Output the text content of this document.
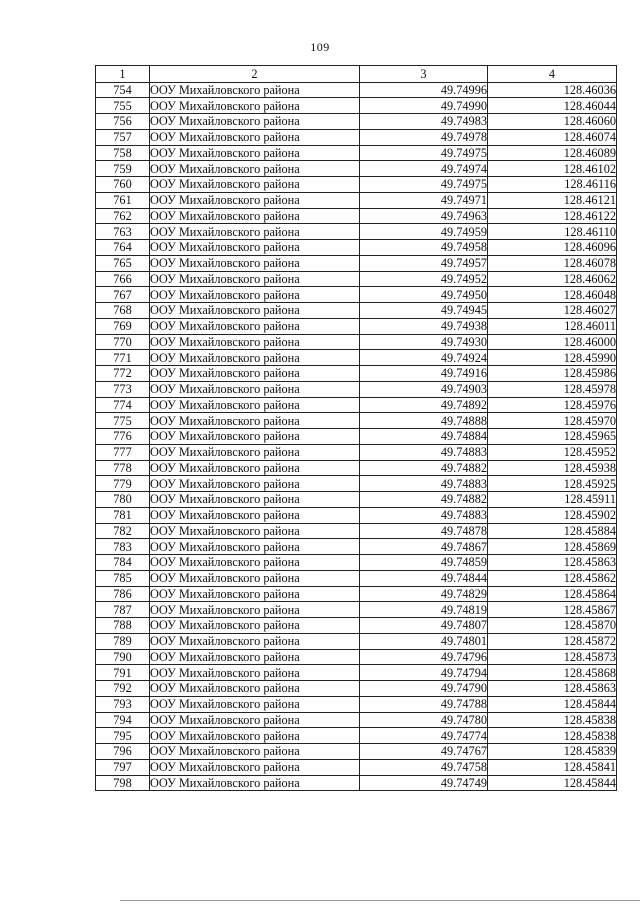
109
1	2	3	4
754	ООУ Михайловского района	49.74996	128.46036
755	ООУ Михайловского района	49.74990	128.46044
756	ООУ Михайловского района	49.74983	128.46060
757	ООУ Михайловского района	49.74978	128.46074
758	ООУ Михайловского района	49.74975	128.46089
759	ООУ Михайловского района	49.74974	128.46102
760	ООУ Михайловского района	49.74975	128.46116
761	ООУ Михайловского района	49.74971	128.46121
762	ООУ Михайловского района	49.74963	128.46122
763	ООУ Михайловского района	49.74959	128.46110
764	ООУ Михайловского района	49.74958	128.46096
765	ООУ Михайловского района	49.74957	128.46078
766	ООУ Михайловского района	49.74952	128.46062
767	ООУ Михайловского района	49.74950	128.46048
768	ООУ Михайловского района	49.74945	128.46027
769	ООУ Михайловского района	49.74938	128.46011
770	ООУ Михайловского района	49.74930	128.46000
771	ООУ Михайловского района	49.74924	128.45990
772	ООУ Михайловского района	49.74916	128.45986
773	ООУ Михайловского района	49.74903	128.45978
774	ООУ Михайловского района	49.74892	128.45976
775	ООУ Михайловского района	49.74888	128.45970
776	ООУ Михайловского района	49.74884	128.45965
777	ООУ Михайловского района	49.74883	128.45952
778	ООУ Михайловского района	49.74882	128.45938
779	ООУ Михайловского района	49.74883	128.45925
780	ООУ Михайловского района	49.74882	128.45911
781	ООУ Михайловского района	49.74883	128.45902
782	ООУ Михайловского района	49.74878	128.45884
783	ООУ Михайловского района	49.74867	128.45869
784	ООУ Михайловского района	49.74859	128.45863
785	ООУ Михайловского района	49.74844	128.45862
786	ООУ Михайловского района	49.74829	128.45864
787	ООУ Михайловского района	49.74819	128.45867
788	ООУ Михайловского района	49.74807	128.45870
789	ООУ Михайловского района	49.74801	128.45872
790	ООУ Михайловского района	49.74796	128.45873
791	ООУ Михайловского района	49.74794	128.45868
792	ООУ Михайловского района	49.74790	128.45863
793	ООУ Михайловского района	49.74788	128.45844
794	ООУ Михайловского района	49.74780	128.45838
795	ООУ Михайловского района	49.74774	128.45838
796	ООУ Михайловского района	49.74767	128.45839
797	ООУ Михайловского района	49.74758	128.45841
798	ООУ Михайловского района	49.74749	128.45844
